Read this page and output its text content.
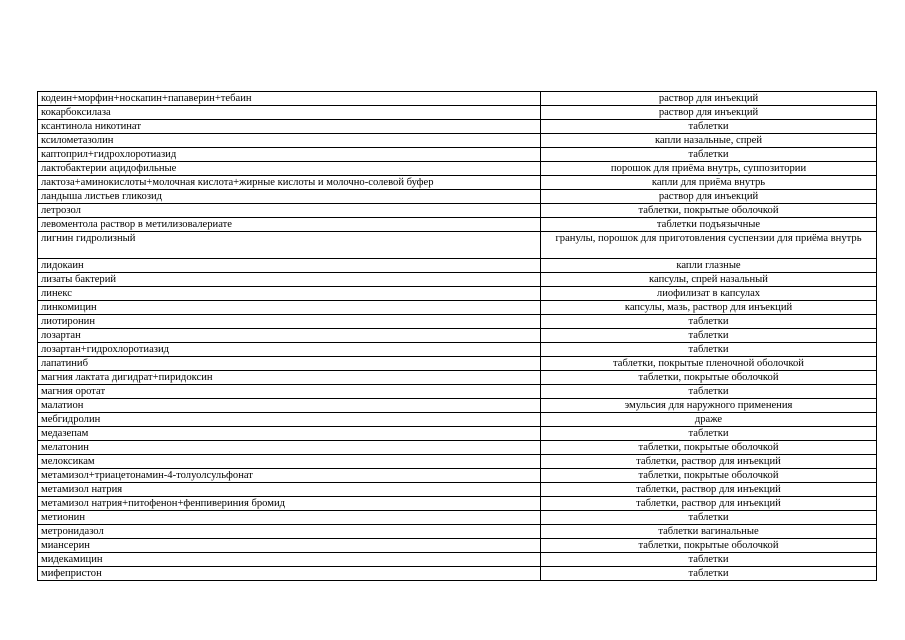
кодеин+морфин+носкапин+папаверин+тебаин	раствор для инъекций
кокарбоксилаза	раствор для инъекций
ксантинола никотинат	таблетки
ксилометазолин	капли назальные, спрей
каптоприл+гидрохлоротиазид	таблетки
лактобактерии ацидофильные	порошок для приёма внутрь, суппозитории
лактоза+аминокислоты+молочная кислота+жирные кислоты и молочно-солевой буфер	капли для приёма внутрь
ландыша листьев гликозид	раствор для инъекций
летрозол	таблетки, покрытые оболочкой
левоментола раствор в метилизовалериате	таблетки подъязычные
лигнин гидролизный	гранулы, порошок для приготовления суспензии для приёма внутрь
лидокаин	капли глазные
лизаты бактерий	капсулы, спрей назальный
линекс	лиофилизат в капсулах
линкомицин	капсулы, мазь, раствор для инъекций
лиотиронин	таблетки
лозартан	таблетки
лозартан+гидрохлоротиазид	таблетки
лапатиниб	таблетки, покрытые пленочной оболочкой
магния лактата дигидрат+пиридоксин	таблетки, покрытые оболочкой
магния оротат	таблетки
малатион	эмульсия для наружного применения
мебгидролин	драже
медазепам	таблетки
мелатонин	таблетки, покрытые оболочкой
мелоксикам	таблетки, раствор для инъекций
метамизол+триацетонамин-4-толуолсульфонат	таблетки, покрытые оболочкой
метамизол натрия	таблетки, раствор для инъекций
метамизол натрия+питофенон+фенпивериния бромид	таблетки, раствор для инъекций
метионин	таблетки
метронидазол	таблетки вагинальные
миансерин	таблетки, покрытые оболочкой
мидекамицин	таблетки
мифепристон	таблетки
